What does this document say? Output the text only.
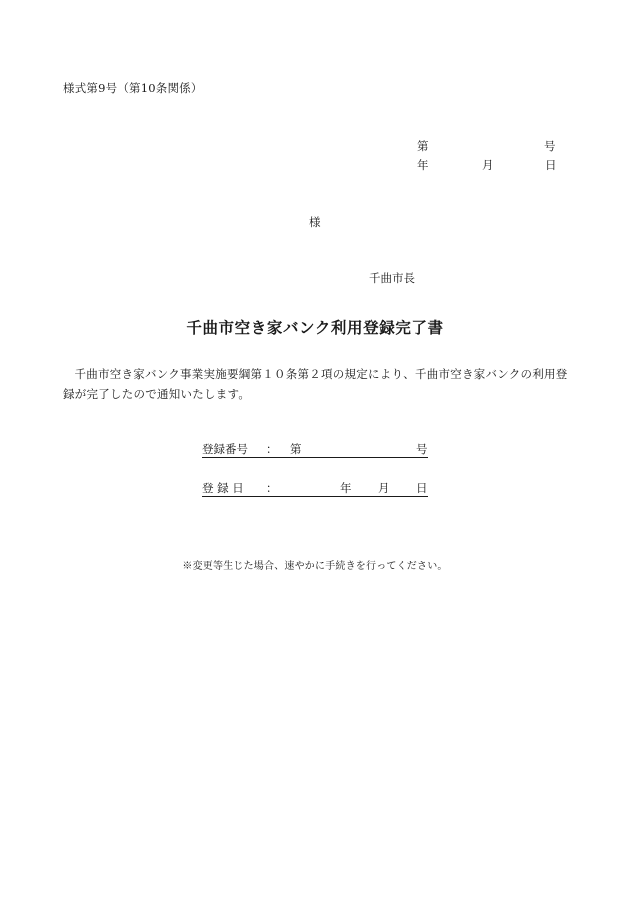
様式第9号（第10条関係）
第	号
年	月	日
様
千曲市長
千曲市空き家バンク利用登録完了書
千曲市空き家バンク事業実施要綱第１０条第２項の規定により、千曲市空き家バンクの利用登録が完了したので通知いたします。
登録番号 ： 第	号
登 録 日 ：	年 月 日
※変更等生じた場合、速やかに手続きを行ってください。
